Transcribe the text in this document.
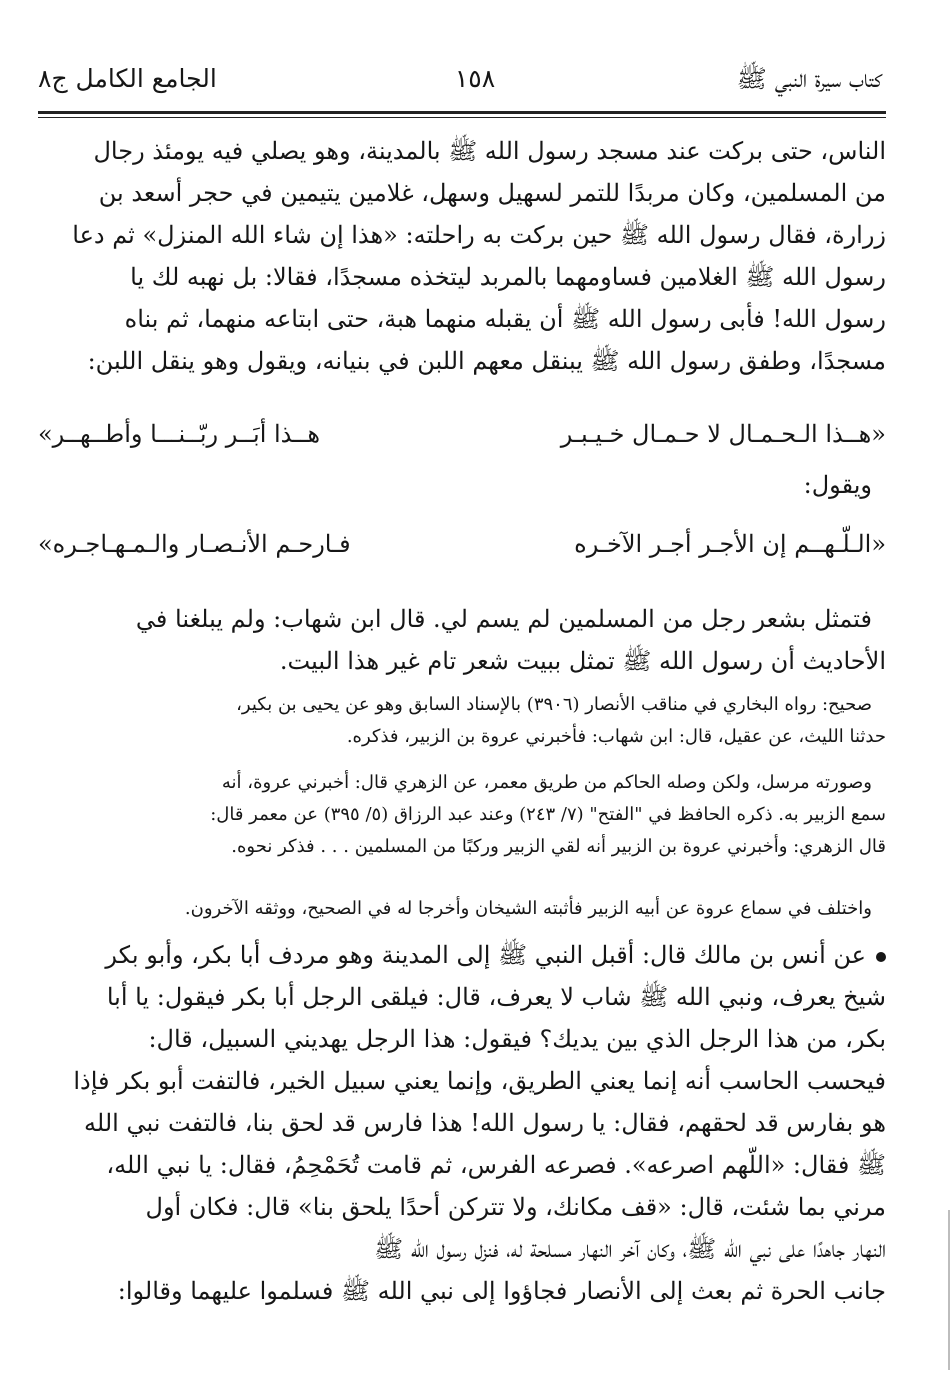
كتاب سيرة النبي ﷺ
١٥٨
الجامع الكامل ج٨
الناس، حتى بركت عند مسجد رسول الله ﷺ بالمدينة، وهو يصلي فيه يومئذ رجال
من المسلمين، وكان مربدًا للتمر لسهيل وسهل، غلامين يتيمين في حجر أسعد بن
زرارة، فقال رسول الله ﷺ حين بركت به راحلته: «هذا إن شاء الله المنزل» ثم دعا
رسول الله ﷺ الغلامين فساومهما بالمربد ليتخذه مسجدًا، فقالا: بل نهبه لك يا
رسول الله! فأبى رسول الله ﷺ أن يقبله منهما هبة، حتى ابتاعه منهما، ثم بناه
مسجدًا، وطفق رسول الله ﷺ يبنقل معهم اللبن في بنيانه، ويقول وهو ينقل اللبن:
«هــذا الـحـمـال لا حـمـال خـيـبـر
هــذا أبَــر ربّــنـــا وأطــهــر»
ويقول:
«الـلّـهــم إن الأجـر أجـر الآخـره
فـارحـم الأنـصـار والـمـهـاجـره»
فتمثل بشعر رجل من المسلمين لم يسم لي. قال ابن شهاب: ولم يبلغنا في
الأحاديث أن رسول الله ﷺ تمثل ببيت شعر تام غير هذا البيت.
صحيح: رواه البخاري في مناقب الأنصار (٣٩٠٦) بالإسناد السابق وهو عن يحيى بن بكير،
حدثنا الليث، عن عقيل، قال: ابن شهاب: فأخبرني عروة بن الزبير، فذكره.
وصورته مرسل، ولكن وصله الحاكم من طريق معمر، عن الزهري قال: أخبرني عروة، أنه
سمع الزبير به. ذكره الحافظ في "الفتح" (٧/ ٢٤٣) وعند عبد الرزاق (٥/ ٣٩٥) عن معمر قال:
قال الزهري: وأخبرني عروة بن الزبير أنه لقي الزبير وركبًا من المسلمين . . . فذكر نحوه.
واختلف في سماع عروة عن أبيه الزبير فأثبته الشيخان وأخرجا له في الصحيح، ووثقه الآخرون.
عن أنس بن مالك قال: أقبل النبي ﷺ إلى المدينة وهو مردف أبا بكر، وأبو بكر
شيخ يعرف، ونبي الله ﷺ شاب لا يعرف، قال: فيلقى الرجل أبا بكر فيقول: يا أبا
بكر، من هذا الرجل الذي بين يديك؟ فيقول: هذا الرجل يهديني السبيل، قال:
فيحسب الحاسب أنه إنما يعني الطريق، وإنما يعني سبيل الخير، فالتفت أبو بكر فإذا
هو بفارس قد لحقهم، فقال: يا رسول الله! هذا فارس قد لحق بنا، فالتفت نبي الله
ﷺ فقال: «اللّهم اصرعه». فصرعه الفرس، ثم قامت تُحَمْحِمُ، فقال: يا نبي الله،
مرني بما شئت، قال: «قف مكانك، ولا تتركن أحدًا يلحق بنا» قال: فكان أول
النهار جاهدًا على نبي الله ﷺ، وكان آخر النهار مسلحة له، فنزل رسول الله ﷺ
جانب الحرة ثم بعث إلى الأنصار فجاؤوا إلى نبي الله ﷺ فسلموا عليهما وقالوا:
